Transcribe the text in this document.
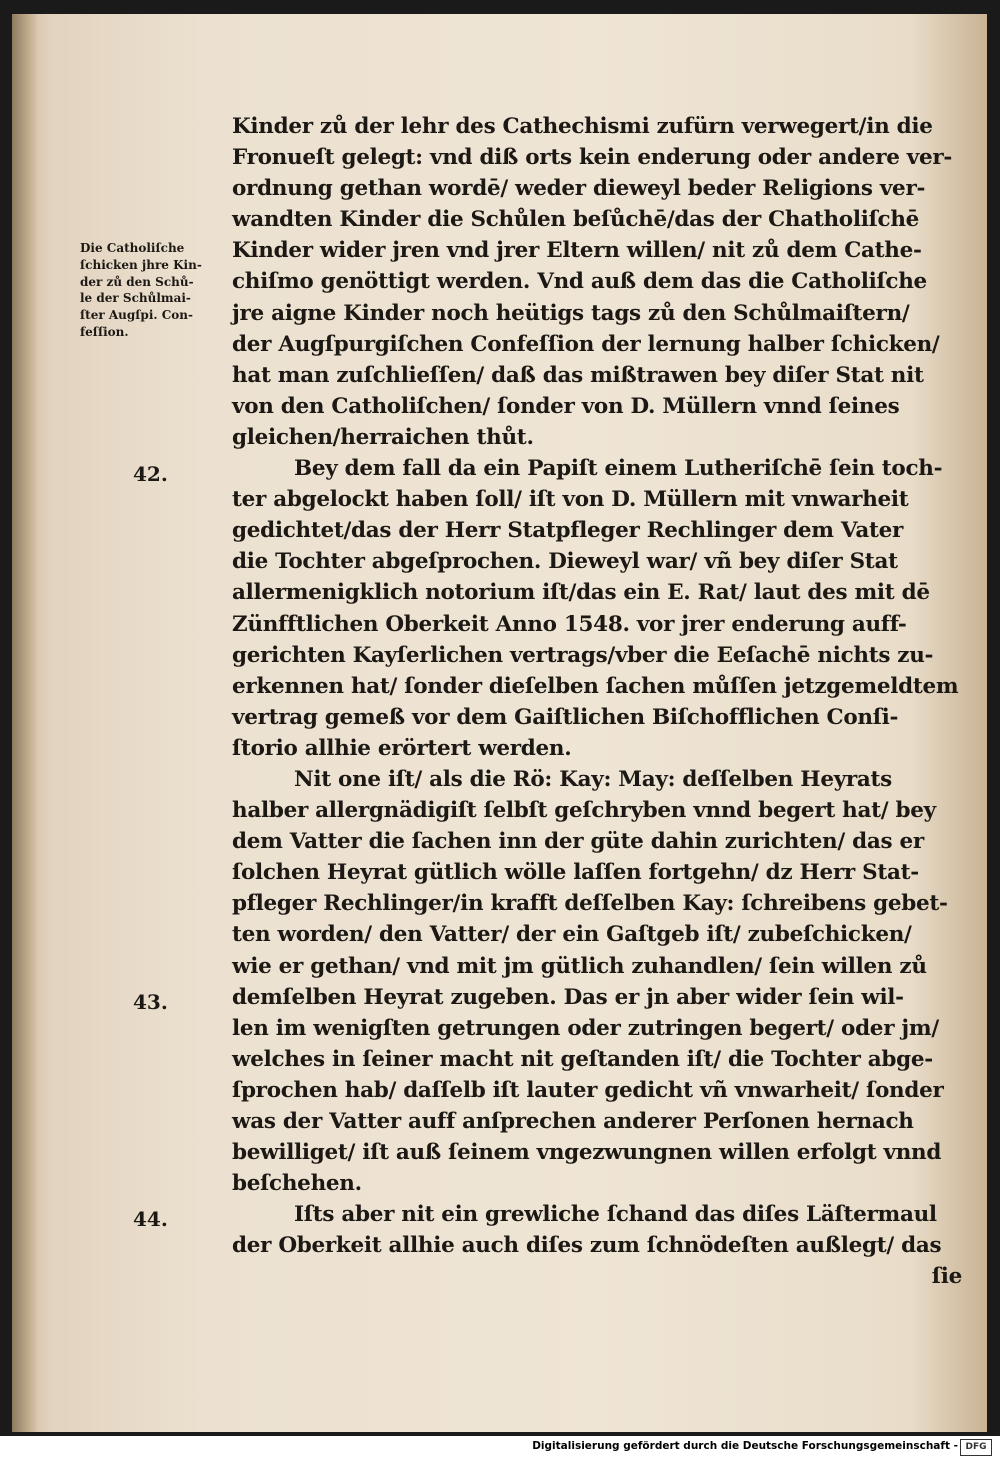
Die Catholiſche
ſchicken jhre Kin-
der zů den Schů-
le der Schůlmai-
ſter Augſpi. Con-
feſſion.
42.
43.
44.
Kinder zů der lehr des Cathechismi zufürn verwegert/in die
Fronueſt gelegt: vnd diß orts kein enderung oder andere ver-
ordnung gethan wordē/ weder dieweyl beder Religions ver-
wandten Kinder die Schůlen beſůchē/das der Chatholiſchē
Kinder wider jren vnd jrer Eltern willen/ nit zů dem Cathe-
chiſmo genöttigt werden. Vnd auß dem das die Catholiſche
jre aigne Kinder noch heütigs tags zů den Schůlmaiſtern/
der Augſpurgiſchen Confeſſion der lernung halber ſchicken/
hat man zuſchlieſſen/ daß das mißtrawen bey diſer Stat nit
von den Catholiſchen/ ſonder von D. Müllern vnnd ſeines
gleichen/herraichen thůt.
Bey dem fall da ein Papiſt einem Lutheriſchē ſein toch-
ter abgelockt haben ſoll/ iſt von D. Müllern mit vnwarheit
gedichtet/das der Herr Statpfleger Rechlinger dem Vater
die Tochter abgeſprochen. Dieweyl war/ vñ bey diſer Stat
allermenigklich notorium iſt/das ein E. Rat/ laut des mit dē
Zünfftlichen Oberkeit Anno 1548. vor jrer enderung auff-
gerichten Kayſerlichen vertrags/vber die Eeſachē nichts zu-
erkennen hat/ ſonder dieſelben ſachen můſſen jetzgemeldtem
vertrag gemeß vor dem Gaiſtlichen Biſchofflichen Conſi-
ſtorio allhie erörtert werden.
Nit one iſt/ als die Rö: Kay: May: deſſelben Heyrats
halber allergnädigiſt ſelbſt geſchryben vnnd begert hat/ bey
dem Vatter die ſachen inn der güte dahin zurichten/ das er
ſolchen Heyrat gütlich wölle laſſen fortgehn/ dz Herr Stat-
pfleger Rechlinger/in krafft deſſelben Kay: ſchreibens gebet-
ten worden/ den Vatter/ der ein Gaſtgeb iſt/ zubeſchicken/
wie er gethan/ vnd mit jm gütlich zuhandlen/ ſein willen zů
demſelben Heyrat zugeben. Das er jn aber wider ſein wil-
len im wenigſten getrungen oder zutringen begert/ oder jm/
welches in ſeiner macht nit geſtanden iſt/ die Tochter abge-
ſprochen hab/ daſſelb iſt lauter gedicht vñ vnwarheit/ ſonder
was der Vatter auff anſprechen anderer Perſonen hernach
bewilliget/ iſt auß ſeinem vngezwungnen willen erfolgt vnnd
beſchehen.
Iſts aber nit ein grewliche ſchand das diſes Läſtermaul
der Oberkeit allhie auch diſes zum ſchnödeſten außlegt/ das
ſie
Digitalisierung gefördert durch die Deutsche Forschungsgemeinschaft - DFG
